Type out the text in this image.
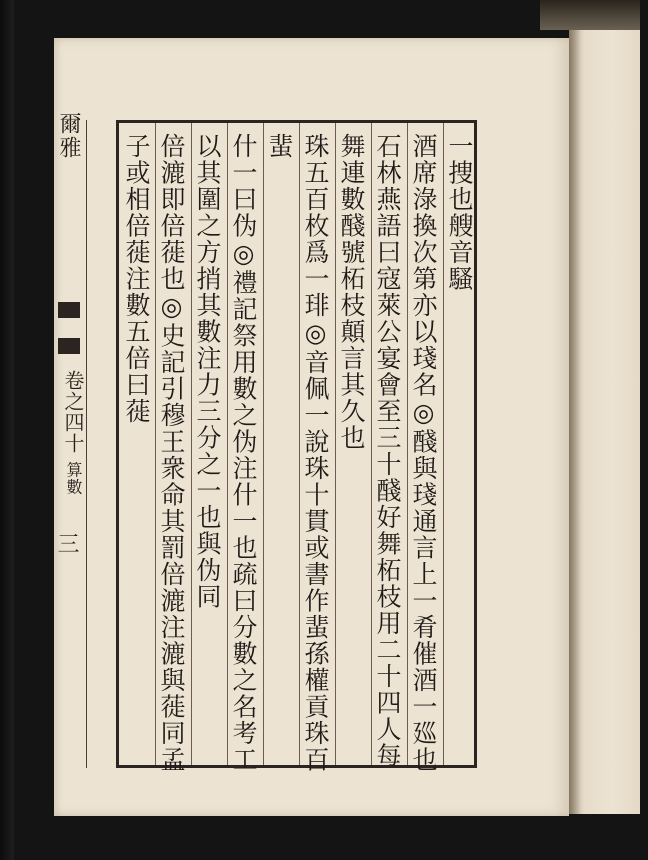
爾雅
卷之四十 算數
三
一捜也艘音騷
酒席淥換次第亦以琖名◎醆與琖通言上一肴催酒一廵也
石林燕語曰寇萊公宴會至三十醆好舞柘枝用二十四人每
舞連數醆號柘枝顛言其久也
珠五百枚爲一琲◎音佩一說珠十貫或書作蜚孫權貢珠百
蜚
什一曰伪◎禮記祭用數之伪注什一也疏曰分數之名考工
以其圍之方捎其數注力三分之一也與伪同
倍漉即倍蓰也◎史記引穆王衆命其罰倍漉注漉與蓰同孟
子或相倍蓰注數五倍曰蓰
